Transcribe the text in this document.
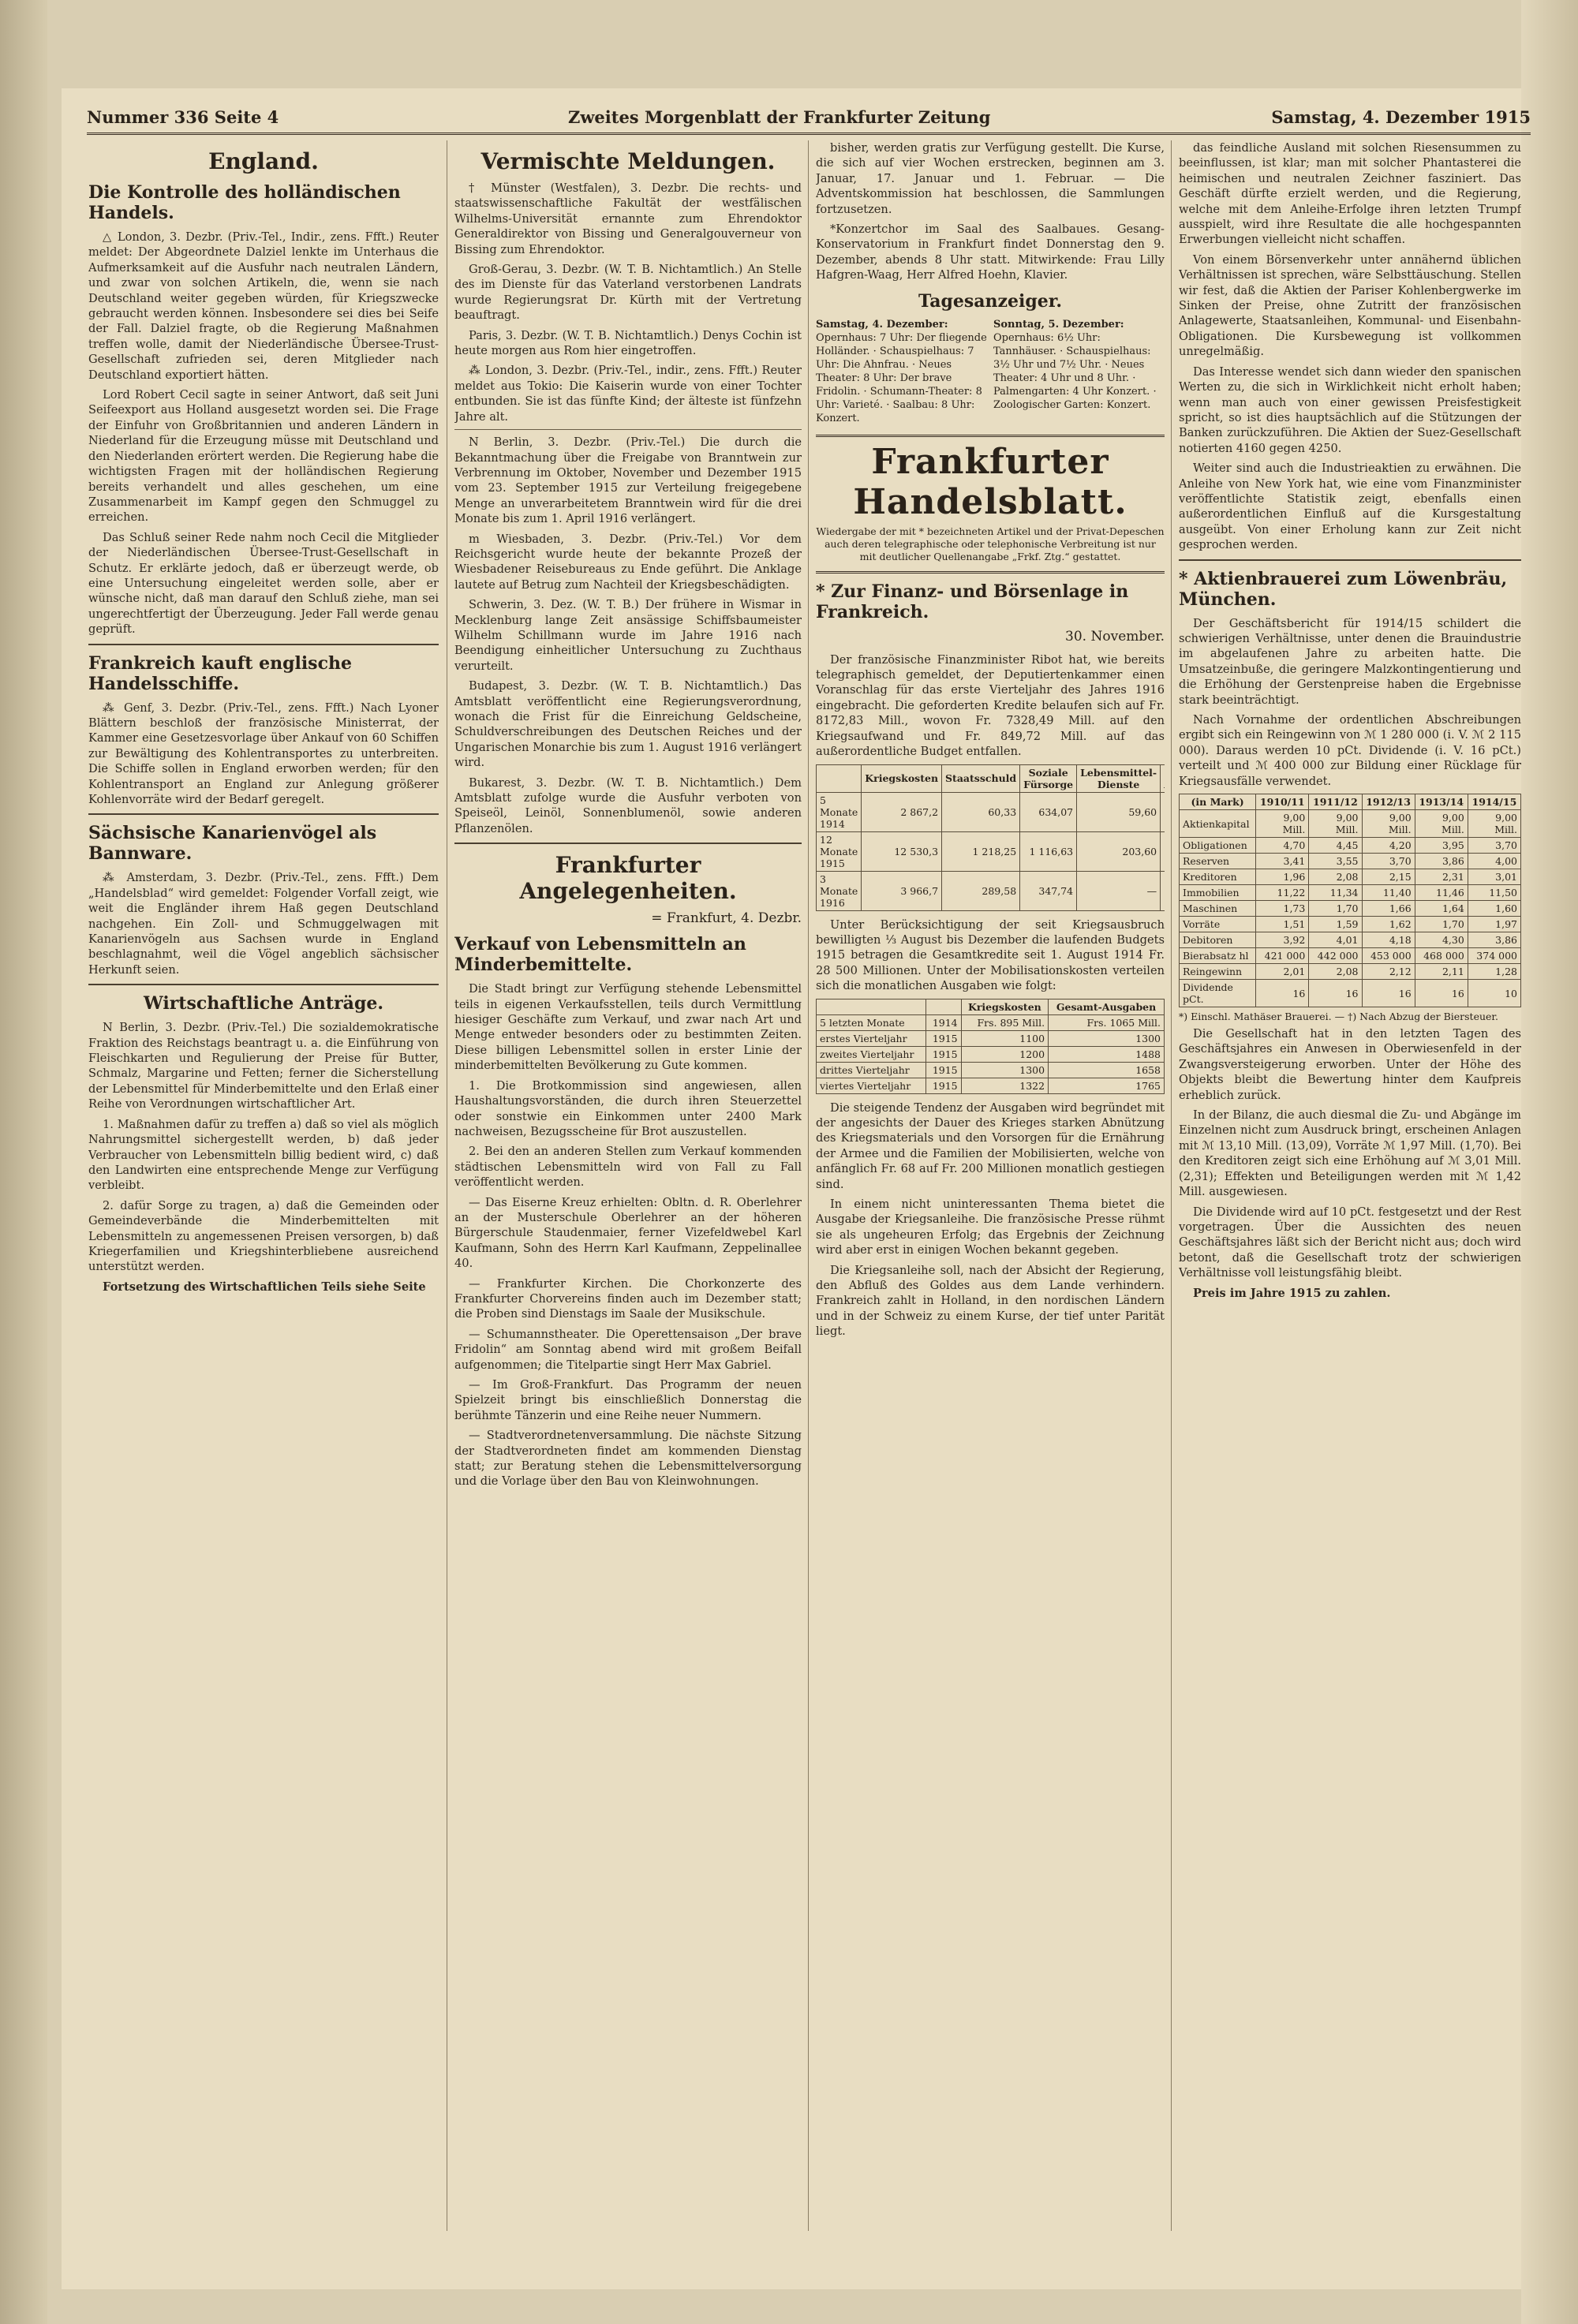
Nummer 336 Seite 4	Zweites Morgenblatt der Frankfurter Zeitung	Samstag, 4. Dezember 1915
England.
Die Kontrolle des holländischen Handels.

△ London, 3. Dezbr. (Priv.-Tel., Indir., zens. Ffft.) Reuter meldet: Der Abgeordnete Dalziel lenkte im Unterhaus die Aufmerksamkeit auf die Ausfuhr nach neutralen Ländern, und zwar von solchen Artikeln, die, wenn sie nach Deutschland weiter gegeben würden, für Kriegszwecke gebraucht werden können. Insbesondere sei dies bei Seife der Fall. Dalziel fragte, ob die Regierung Maßnahmen treffen wolle, damit der Niederländische Übersee-Trust-Gesellschaft zufrieden sei, deren Mitglieder nach Deutschland exportiert hätten.

Lord Robert Cecil sagte in seiner Antwort, daß seit Juni Seifeexport aus Holland ausgesetzt worden sei. Die Frage der Einfuhr von Großbritannien und anderen Ländern in Niederland für die Erzeugung müsse mit Deutschland und den Niederlanden erörtert werden. Die Regierung habe die wichtigsten Fragen mit der holländischen Regierung bereits verhandelt und alles geschehen, um eine Zusammenarbeit im Kampf gegen den Schmuggel zu erreichen.

Das Schluß seiner Rede nahm noch Cecil die Mitglieder der Niederländischen Übersee-Trust-Gesellschaft in Schutz. Er erklärte jedoch, daß er überzeugt werde, ob eine Untersuchung eingeleitet werden solle, aber er wünsche nicht, daß man darauf den Schluß ziehe, man sei ungerechtfertigt der Überzeugung. Jeder Fall werde genau geprüft.

Frankreich kauft englische Handelsschiffe.

⁂ Genf, 3. Dezbr. (Priv.-Tel., zens. Ffft.) Nach Lyoner Blättern beschloß der französische Ministerrat, der Kammer eine Gesetzesvorlage über Ankauf von 60 Schiffen zur Bewältigung des Kohlentransportes zu unterbreiten. Die Schiffe sollen in England erworben werden; für den Kohlentransport an England zur Anlegung größerer Kohlenvorräte wird der Bedarf geregelt.

Sächsische Kanarienvögel als Bannware.

⁂ Amsterdam, 3. Dezbr. (Priv.-Tel., zens. Ffft.) Dem „Handelsblad“ wird gemeldet: Folgender Vorfall zeigt, wie weit die Engländer ihrem Haß gegen Deutschland nachgehen. Ein Zoll- und Schmuggelwagen mit Kanarienvögeln aus Sachsen wurde in England beschlagnahmt, weil die Vögel angeblich sächsischer Herkunft seien.

Wirtschaftliche Anträge.

N Berlin, 3. Dezbr. (Priv.-Tel.) Die sozialdemokratische Fraktion des Reichstags beantragt u. a. die Einführung von Fleischkarten und Regulierung der Preise für Butter, Schmalz, Margarine und Fetten; ferner die Sicherstellung der Lebensmittel für Minderbemittelte und den Erlaß einer Reihe von Verordnungen wirtschaftlicher Art.

1. Maßnahmen dafür zu treffen a) daß so viel als möglich Nahrungsmittel sichergestellt werden, b) daß jeder Verbraucher von Lebensmitteln billig bedient wird, c) daß den Landwirten eine entsprechende Menge zur Verfügung verbleibt.

2. dafür Sorge zu tragen, a) daß die Gemeinden oder Gemeindeverbände die Minderbemittelten mit Lebensmitteln zu angemessenen Preisen versorgen, b) daß Kriegerfamilien und Kriegshinterbliebene ausreichend unterstützt werden.

Fortsetzung des Wirtschaftlichen Teils siehe Seite

Vermischte Meldungen.

† Münster (Westfalen), 3. Dezbr. Die rechts- und staatswissenschaftliche Fakultät der westfälischen Wilhelms-Universität ernannte zum Ehrendoktor Generaldirektor von Bissing und Generalgouverneur von Bissing zum Ehrendoktor.

Groß-Gerau, 3. Dezbr. (W. T. B. Nichtamtlich.) An Stelle des im Dienste für das Vaterland verstorbenen Landrats wurde Regierungsrat Dr. Kürth mit der Vertretung beauftragt.

Paris, 3. Dezbr. (W. T. B. Nichtamtlich.) Denys Cochin ist heute morgen aus Rom hier eingetroffen.

⁂ London, 3. Dezbr. (Priv.-Tel., indir., zens. Ffft.) Reuter meldet aus Tokio: Die Kaiserin wurde von einer Tochter entbunden. Sie ist das fünfte Kind; der älteste ist fünfzehn Jahre alt.

N Berlin, 3. Dezbr. (Priv.-Tel.) Die durch die Bekanntmachung über die Freigabe von Branntwein zur Verbrennung im Oktober, November und Dezember 1915 vom 23. September 1915 zur Verteilung freigegebene Menge an unverarbeitetem Branntwein wird für die drei Monate bis zum 1. April 1916 verlängert.

m Wiesbaden, 3. Dezbr. (Priv.-Tel.) Vor dem Reichsgericht wurde heute der bekannte Prozeß der Wiesbadener Reisebureaus zu Ende geführt. Die Anklage lautete auf Betrug zum Nachteil der Kriegsbeschädigten.

Schwerin, 3. Dez. (W. T. B.) Der frühere in Wismar in Mecklenburg lange Zeit ansässige Schiffsbaumeister Wilhelm Schillmann wurde im Jahre 1916 nach Beendigung einheitlicher Untersuchung zu Zuchthaus verurteilt.

Budapest, 3. Dezbr. (W. T. B. Nichtamtlich.) Das Amtsblatt veröffentlicht eine Regierungsverordnung, wonach die Frist für die Einreichung Geldscheine, Schuldverschreibungen des Deutschen Reiches und der Ungarischen Monarchie bis zum 1. August 1916 verlängert wird.

Bukarest, 3. Dezbr. (W. T. B. Nichtamtlich.) Dem Amtsblatt zufolge wurde die Ausfuhr verboten von Speiseöl, Leinöl, Sonnenblumenöl, sowie anderen Pflanzenölen.

Frankfurter Angelegenheiten.
= Frankfurt, 4. Dezbr.
Verkauf von Lebensmitteln an Minderbemittelte.

Die Stadt bringt zur Verfügung stehende Lebensmittel teils in eigenen Verkaufsstellen, teils durch Vermittlung hiesiger Geschäfte zum Verkauf, und zwar nach Art und Menge entweder besonders oder zu bestimmten Zeiten. Diese billigen Lebensmittel sollen in erster Linie der minderbemittelten Bevölkerung zu Gute kommen.

1. Die Brotkommission sind angewiesen, allen Haushaltungsvorständen, die durch ihren Steuerzettel oder sonstwie ein Einkommen unter 2400 Mark nachweisen, Bezugsscheine für Brot auszustellen.

2. Bei den an anderen Stellen zum Verkauf kommenden städtischen Lebensmitteln wird von Fall zu Fall veröffentlicht werden.

— Das Eiserne Kreuz erhielten: Obltn. d. R. Oberlehrer an der Musterschule Oberlehrer an der höheren Bürgerschule Staudenmaier, ferner Vizefeldwebel Karl Kaufmann, Sohn des Herrn Karl Kaufmann, Zeppelinallee 40.

— Frankfurter Kirchen. Die Chorkonzerte des Frankfurter Chorvereins finden auch im Dezember statt; die Proben sind Dienstags im Saale der Musikschule.

— Schumannstheater. Die Operettensaison „Der brave Fridolin“ am Sonntag abend wird mit großem Beifall aufgenommen; die Titelpartie singt Herr Max Gabriel.

— Im Groß-Frankfurt. Das Programm der neuen Spielzeit bringt bis einschließlich Donnerstag die berühmte Tänzerin und eine Reihe neuer Nummern.

— Stadtverordnetenversammlung. Die nächste Sitzung der Stadtverordneten findet am kommenden Dienstag statt; zur Beratung stehen die Lebensmittelversorgung und die Vorlage über den Bau von Kleinwohnungen.

bisher, werden gratis zur Verfügung gestellt. Die Kurse, die sich auf vier Wochen erstrecken, beginnen am 3. Januar, 17. Januar und 1. Februar. — Die Adventskommission hat beschlossen, die Sammlungen fortzusetzen.

*Konzertchor im Saal des Saalbaues. Gesang-Konservatorium in Frankfurt findet Donnerstag den 9. Dezember, abends 8 Uhr statt. Mitwirkende: Frau Lilly Hafgren-Waag, Herr Alfred Hoehn, Klavier.

Tagesanzeiger.
Samstag, 4. Dezember:
Opernhaus: 7 Uhr: Der fliegende Holländer. · Schauspielhaus: 7 Uhr: Die Ahnfrau. · Neues Theater: 8 Uhr: Der brave Fridolin. · Schumann-Theater: 8 Uhr: Varieté. · Saalbau: 8 Uhr: Konzert.
Sonntag, 5. Dezember:
Opernhaus: 6½ Uhr: Tannhäuser. · Schauspielhaus: 3½ Uhr und 7½ Uhr. · Neues Theater: 4 Uhr und 8 Uhr. · Palmengarten: 4 Uhr Konzert. · Zoologischer Garten: Konzert.
Frankfurter Handelsblatt.
Wiedergabe der mit * bezeichneten Artikel und der Privat-Depeschen auch deren telegraphische oder telephonische Verbreitung ist nur mit deutlicher Quellenangabe „Frkf. Ztg.“ gestattet.
* Zur Finanz- und Börsenlage in Frankreich.
30. November.

Der französische Finanzminister Ribot hat, wie bereits telegraphisch gemeldet, der Deputiertenkammer einen Voranschlag für das erste Vierteljahr des Jahres 1916 eingebracht. Die geforderten Kredite belaufen sich auf Fr. 8172,83 Mill., wovon Fr. 7328,49 Mill. auf den Kriegsaufwand und Fr. 849,72 Mill. auf das außerordentliche Budget entfallen.

	Kriegskosten	Staatsschuld	Soziale Fürsorge	Lebensmittel-Dienste		
5 Monate 1914	2 867,2	60,33	634,07	59,60		
12 Monate 1915	12 530,3	1 218,25	1 116,63	203,60		
3 Monate 1916	3 966,7	289,58	347,74	—		

Unter Berücksichtigung der seit Kriegsausbruch bewilligten ⅓ August bis Dezember die laufenden Budgets 1915 betragen die Gesamtkredite seit 1. August 1914 Fr. 28 500 Millionen. Unter der Mobilisationskosten verteilen sich die monatlichen Ausgaben wie folgt:

		Kriegskosten	Gesamt-Ausgaben
5 letzten Monate	1914	Frs. 895 Mill.	Frs. 1065 Mill.
erstes Vierteljahr	1915	1100	1300
zweites Vierteljahr	1915	1200	1488
drittes Vierteljahr	1915	1300	1658
viertes Vierteljahr	1915	1322	1765

Die steigende Tendenz der Ausgaben wird begründet mit der angesichts der Dauer des Krieges starken Abnützung des Kriegsmaterials und den Vorsorgen für die Ernährung der Armee und die Familien der Mobilisierten, welche von anfänglich Fr. 68 auf Fr. 200 Millionen monatlich gestiegen sind.

In einem nicht uninteressanten Thema bietet die Ausgabe der Kriegsanleihe. Die französische Presse rühmt sie als ungeheuren Erfolg; das Ergebnis der Zeichnung wird aber erst in einigen Wochen bekannt gegeben.

Die Kriegsanleihe soll, nach der Absicht der Regierung, den Abfluß des Goldes aus dem Lande verhindern. Frankreich zahlt in Holland, in den nordischen Ländern und in der Schweiz zu einem Kurse, der tief unter Parität liegt.

das feindliche Ausland mit solchen Riesensummen zu beeinflussen, ist klar; man mit solcher Phantasterei die heimischen und neutralen Zeichner fasziniert. Das Geschäft dürfte erzielt werden, und die Regierung, welche mit dem Anleihe-Erfolge ihren letzten Trumpf ausspielt, wird ihre Resultate die alle hochgespannten Erwerbungen vielleicht nicht schaffen.

Von einem Börsenverkehr unter annähernd üblichen Verhältnissen ist sprechen, wäre Selbsttäuschung. Stellen wir fest, daß die Aktien der Pariser Kohlenbergwerke im Sinken der Preise, ohne Zutritt der französischen Anlagewerte, Staatsanleihen, Kommunal- und Eisenbahn-Obligationen. Die Kursbewegung ist vollkommen unregelmäßig.

Das Interesse wendet sich dann wieder den spanischen Werten zu, die sich in Wirklichkeit nicht erholt haben; wenn man auch von einer gewissen Preisfestigkeit spricht, so ist dies hauptsächlich auf die Stützungen der Banken zurückzuführen. Die Aktien der Suez-Gesellschaft notierten 4160 gegen 4250.

Weiter sind auch die Industrieaktien zu erwähnen. Die Anleihe von New York hat, wie eine vom Finanzminister veröffentlichte Statistik zeigt, ebenfalls einen außerordentlichen Einfluß auf die Kursgestaltung ausgeübt. Von einer Erholung kann zur Zeit nicht gesprochen werden.

* Aktienbrauerei zum Löwenbräu, München.

Der Geschäftsbericht für 1914/15 schildert die schwierigen Verhältnisse, unter denen die Brauindustrie im abgelaufenen Jahre zu arbeiten hatte. Die Umsatzeinbuße, die geringere Malzkontingentierung und die Erhöhung der Gerstenpreise haben die Ergebnisse stark beeinträchtigt.

Nach Vornahme der ordentlichen Abschreibungen ergibt sich ein Reingewinn von ℳ 1 280 000 (i. V. ℳ 2 115 000). Daraus werden 10 pCt. Dividende (i. V. 16 pCt.) verteilt und ℳ 400 000 zur Bildung einer Rücklage für Kriegsausfälle verwendet.

(in Mark)	1910/11	1911/12	1912/13	1913/14	1914/15
Aktienkapital	9,00 Mill.	9,00 Mill.	9,00 Mill.	9,00 Mill.	9,00 Mill.
Obligationen	4,70	4,45	4,20	3,95	3,70
Reserven	3,41	3,55	3,70	3,86	4,00
Kreditoren	1,96	2,08	2,15	2,31	3,01
Immobilien	11,22	11,34	11,40	11,46	11,50
Maschinen	1,73	1,70	1,66	1,64	1,60
Vorräte	1,51	1,59	1,62	1,70	1,97
Debitoren	3,92	4,01	4,18	4,30	3,86
Bierabsatz hl	421 000	442 000	453 000	468 000	374 000
Reingewinn	2,01	2,08	2,12	2,11	1,28
Dividende pCt.	16	16	16	16	10
*) Einschl. Mathäser Brauerei. — †) Nach Abzug der Biersteuer.

Die Gesellschaft hat in den letzten Tagen des Geschäftsjahres ein Anwesen in Oberwiesenfeld in der Zwangsversteigerung erworben. Unter der Höhe des Objekts bleibt die Bewertung hinter dem Kaufpreis erheblich zurück.

In der Bilanz, die auch diesmal die Zu- und Abgänge im Einzelnen nicht zum Ausdruck bringt, erscheinen Anlagen mit ℳ 13,10 Mill. (13,09), Vorräte ℳ 1,97 Mill. (1,70). Bei den Kreditoren zeigt sich eine Erhöhung auf ℳ 3,01 Mill. (2,31); Effekten und Beteiligungen werden mit ℳ 1,42 Mill. ausgewiesen.

Die Dividende wird auf 10 pCt. festgesetzt und der Rest vorgetragen. Über die Aussichten des neuen Geschäftsjahres läßt sich der Bericht nicht aus; doch wird betont, daß die Gesellschaft trotz der schwierigen Verhältnisse voll leistungsfähig bleibt.

Preis im Jahre 1915 zu zahlen.
